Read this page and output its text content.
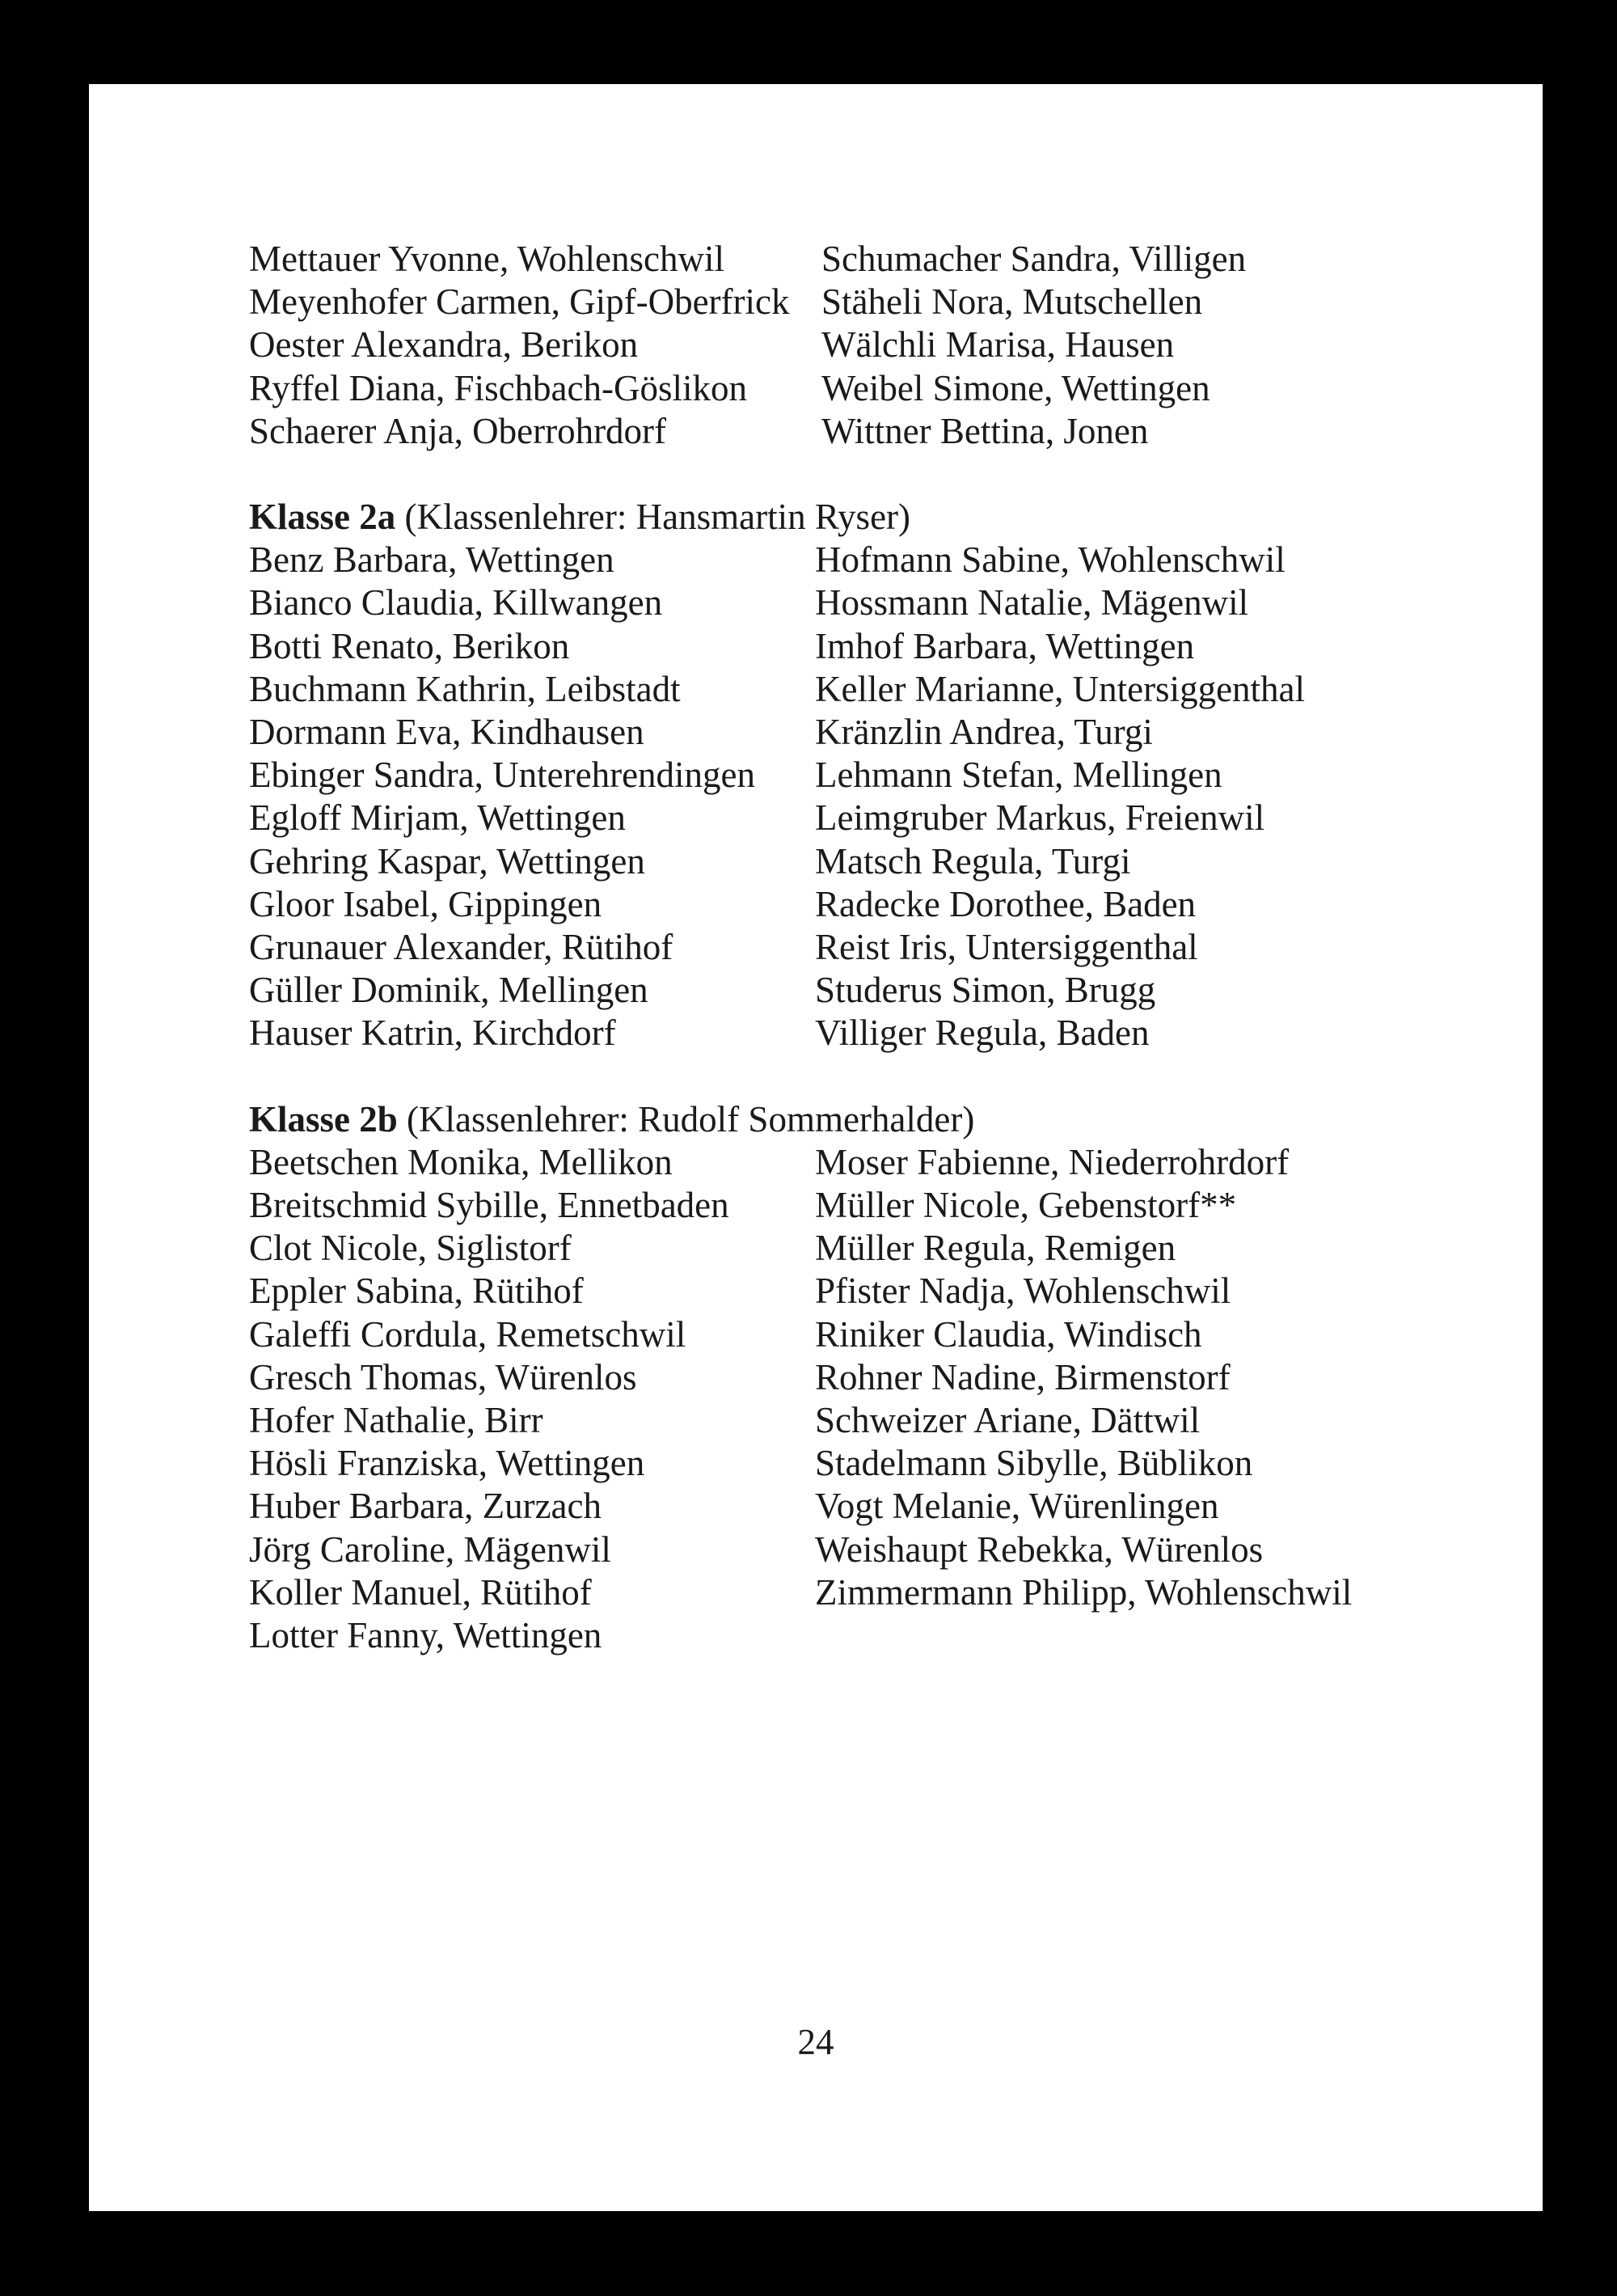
Mettauer Yvonne, Wohlenschwil
Meyenhofer Carmen, Gipf-Oberfrick
Oester Alexandra, Berikon
Ryffel Diana, Fischbach-Göslikon
Schaerer Anja, Oberrohrdorf
Schumacher Sandra, Villigen
Stäheli Nora, Mutschellen
Wälchli Marisa, Hausen
Weibel Simone, Wettingen
Wittner Bettina, Jonen
Klasse 2a (Klassenlehrer: Hansmartin Ryser)
Benz Barbara, Wettingen
Bianco Claudia, Killwangen
Botti Renato, Berikon
Buchmann Kathrin, Leibstadt
Dormann Eva, Kindhausen
Ebinger Sandra, Unterehrendingen
Egloff Mirjam, Wettingen
Gehring Kaspar, Wettingen
Gloor Isabel, Gippingen
Grunauer Alexander, Rütihof
Güller Dominik, Mellingen
Hauser Katrin, Kirchdorf
Hofmann Sabine, Wohlenschwil
Hossmann Natalie, Mägenwil
Imhof Barbara, Wettingen
Keller Marianne, Untersiggenthal
Kränzlin Andrea, Turgi
Lehmann Stefan, Mellingen
Leimgruber Markus, Freienwil
Matsch Regula, Turgi
Radecke Dorothee, Baden
Reist Iris, Untersiggenthal
Studerus Simon, Brugg
Villiger Regula, Baden
Klasse 2b (Klassenlehrer: Rudolf Sommerhalder)
Beetschen Monika, Mellikon
Breitschmid Sybille, Ennetbaden
Clot Nicole, Siglistorf
Eppler Sabina, Rütihof
Galeffi Cordula, Remetschwil
Gresch Thomas, Würenlos
Hofer Nathalie, Birr
Hösli Franziska, Wettingen
Huber Barbara, Zurzach
Jörg Caroline, Mägenwil
Koller Manuel, Rütihof
Lotter Fanny, Wettingen
Moser Fabienne, Niederrohrdorf
Müller Nicole, Gebenstorf**
Müller Regula, Remigen
Pfister Nadja, Wohlenschwil
Riniker Claudia, Windisch
Rohner Nadine, Birmenstorf
Schweizer Ariane, Dättwil
Stadelmann Sibylle, Büblikon
Vogt Melanie, Würenlingen
Weishaupt Rebekka, Würenlos
Zimmermann Philipp, Wohlenschwil
24
